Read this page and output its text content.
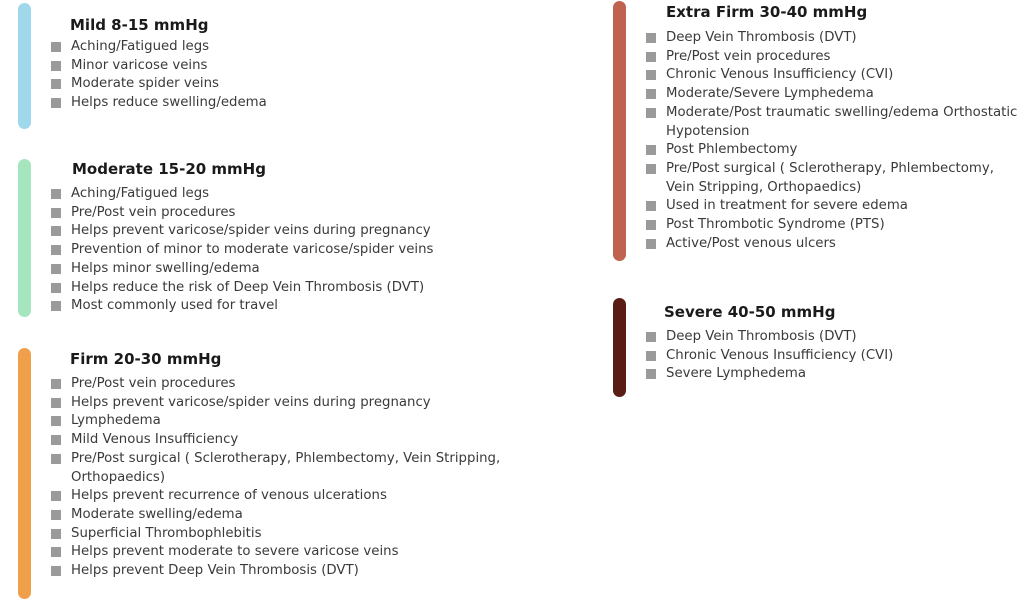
Mild 8-15 mmHg
Aching/Fatigued legs
Minor varicose veins
Moderate spider veins
Helps reduce swelling/edema
Moderate 15-20 mmHg
Aching/Fatigued legs
Pre/Post vein procedures
Helps prevent varicose/spider veins during pregnancy
Prevention of minor to moderate varicose/spider veins
Helps minor swelling/edema
Helps reduce the risk of Deep Vein Thrombosis (DVT)
Most commonly used for travel
Firm 20-30 mmHg
Pre/Post vein procedures
Helps prevent varicose/spider veins during pregnancy
Lymphedema
Mild Venous Insufficiency
Pre/Post surgical ( Sclerotherapy, Phlembectomy, Vein Stripping, Orthopaedics)
Helps prevent recurrence of venous ulcerations
Moderate swelling/edema
Superficial Thrombophlebitis
Helps prevent moderate to severe varicose veins
Helps prevent Deep Vein Thrombosis (DVT)
Extra Firm 30-40 mmHg
Deep Vein Thrombosis (DVT)
Pre/Post vein procedures
Chronic Venous Insufficiency (CVI)
Moderate/Severe Lymphedema
Moderate/Post traumatic swelling/edema Orthostatic Hypotension
Post Phlembectomy
Pre/Post surgical ( Sclerotherapy, Phlembectomy, Vein Stripping, Orthopaedics)
Used in treatment for severe edema
Post Thrombotic Syndrome (PTS)
Active/Post venous ulcers
Severe 40-50 mmHg
Deep Vein Thrombosis (DVT)
Chronic Venous Insufficiency (CVI)
Severe Lymphedema
